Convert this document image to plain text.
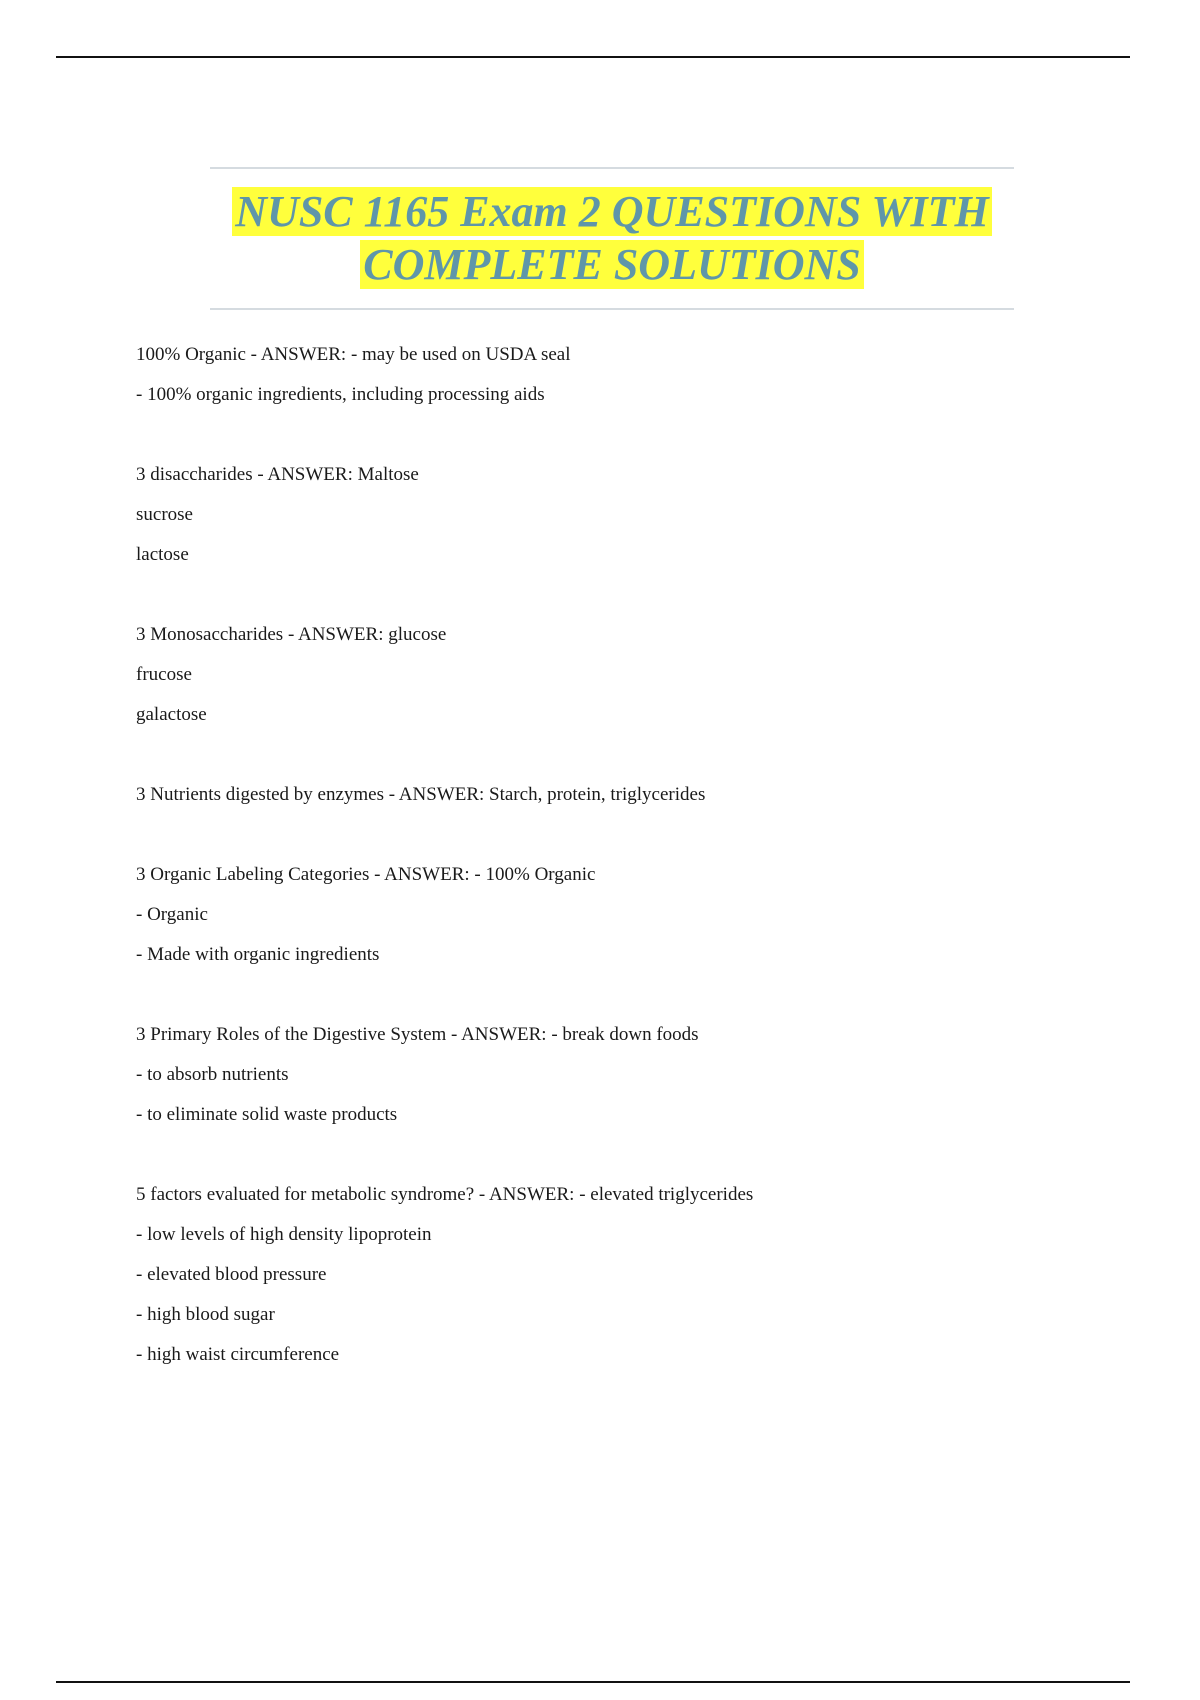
NUSC 1165 Exam 2 QUESTIONS WITH
COMPLETE SOLUTIONS
100% Organic - ANSWER: - may be used on USDA seal
- 100% organic ingredients, including processing aids
3 disaccharides - ANSWER: Maltose
sucrose
lactose
3 Monosaccharides - ANSWER: glucose
frucose
galactose
3 Nutrients digested by enzymes - ANSWER: Starch, protein, triglycerides
3 Organic Labeling Categories - ANSWER: - 100% Organic
- Organic
- Made with organic ingredients
3 Primary Roles of the Digestive System - ANSWER: - break down foods
- to absorb nutrients
- to eliminate solid waste products
5 factors evaluated for metabolic syndrome? - ANSWER: - elevated triglycerides
- low levels of high density lipoprotein
- elevated blood pressure
- high blood sugar
- high waist circumference
